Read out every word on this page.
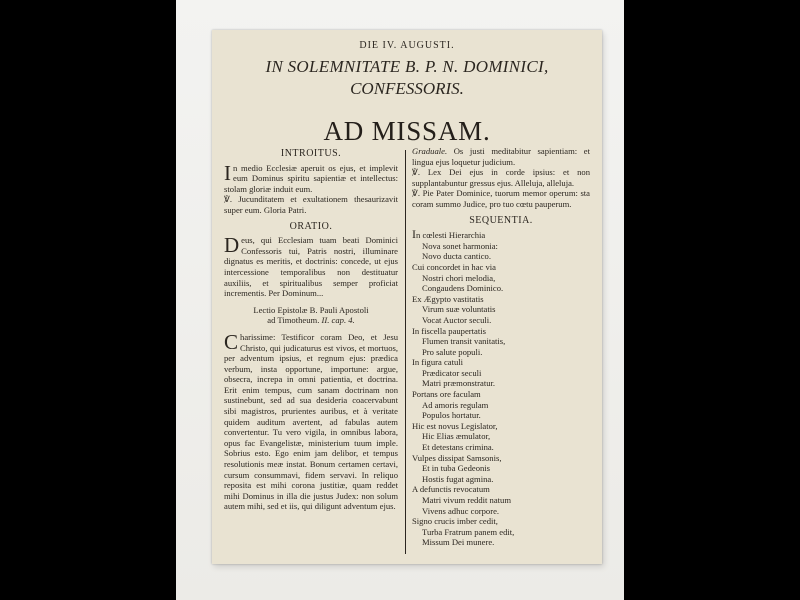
DIE IV. AUGUSTI.
IN SOLEMNITATE B. P. N. DOMINICI,
CONFESSORIS.
AD MISSAM.

INTROITUS.

In medio Ecclesiæ aperuit os ejus, et implevit eum Dominus spiritu sapientiæ et intellectus: stolam gloriæ induit eum.

℣. Jucunditatem et exultationem thesaurizavit super eum. Gloria Patri.

ORATIO.

Deus, qui Ecclesiam tuam beati Dominici Confessoris tui, Patris nostri, illuminare dignatus es meritis, et doctrinis: concede, ut ejus intercessione temporalibus non destituatur auxiliis, et spiritualibus semper proficiat incrementis. Per Dominum...

Lectio Epistolæ B. Pauli Apostoli
ad Timotheum. II. cap. 4.

Charissime: Testificor coram Deo, et Jesu Christo, qui judicaturus est vivos, et mortuos, per adventum ipsius, et regnum ejus: prædica verbum, insta opportune, importune: argue, obsecra, increpa in omni patientia, et doctrina. Erit enim tempus, cum sanam doctrinam non sustinebunt, sed ad sua desideria coacervabunt sibi magistros, prurientes auribus, et à veritate quidem auditum avertent, ad fabulas autem convertentur. Tu vero vigila, in omnibus labora, opus fac Evangelistæ, ministerium tuum imple. Sobrius esto. Ego enim jam delibor, et tempus resolutionis meæ instat. Bonum certamen certavi, cursum consummavi, fidem servavi. In reliquo reposita est mihi corona justitiæ, quam reddet mihi Dominus in illa die justus Judex: non solum autem mihi, sed et iis, qui diligunt adventum ejus.

Graduale. Os justi meditabitur sapientiam: et lingua ejus loquetur judicium.

℣. Lex Dei ejus in corde ipsius: et non supplantabuntur gressus ejus. Alleluja, alleluja.

℣. Pie Pater Dominice, tuorum memor operum: sta coram summo Judice, pro tuo cœtu pauperum.

SEQUENTIA.

In cœlesti Hierarchia

Nova sonet harmonia:

Novo ducta cantico.

Cui concordet in hac via

Nostri chori melodia,

Congaudens Dominico.

Ex Ægypto vastitatis

Virum suæ voluntatis

Vocat Auctor seculi.

In fiscella paupertatis

Flumen transit vanitatis,

Pro salute populi.

In figura catuli

Prædicator seculi

Matri præmonstratur.

Portans ore faculam

Ad amoris regulam

Populos hortatur.

Hic est novus Legislator,

Hic Elias æmulator,

Et detestans crimina.

Vulpes dissipat Samsonis,

Et in tuba Gedeonis

Hostis fugat agmina.

A defunctis revocatum

Matri vivum reddit natum

Vivens adhuc corpore.

Signo crucis imber cedit,

Turba Fratrum panem edit,

Missum Dei munere.
